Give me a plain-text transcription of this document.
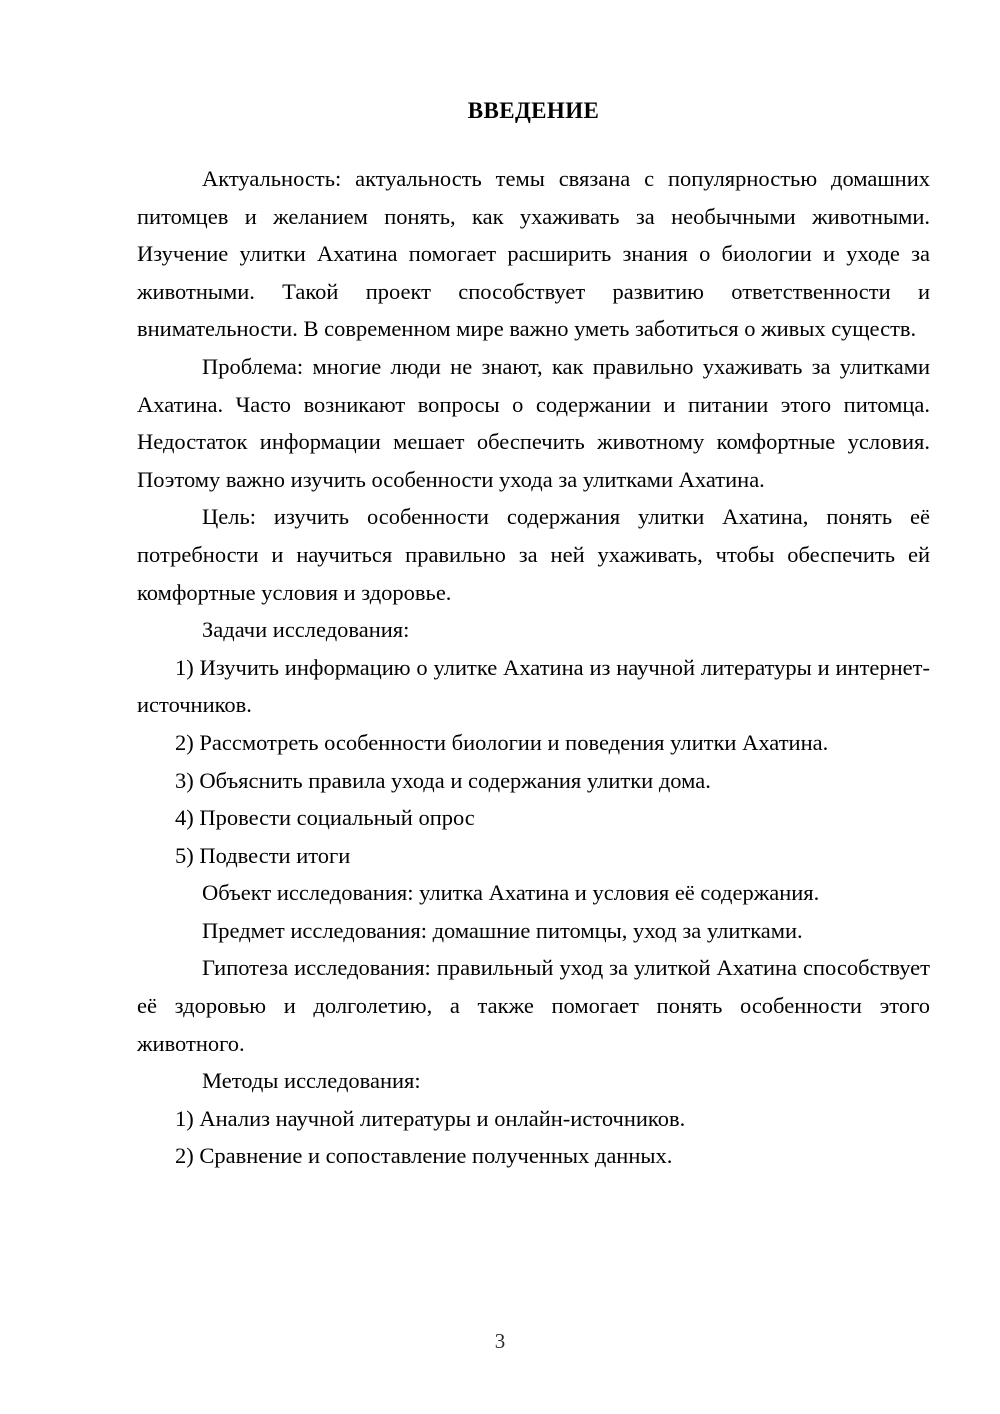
ВВЕДЕНИЕ

Актуальность: актуальность темы связана с популярностью домашних питомцев и желанием понять, как ухаживать за необычными животными. Изучение улитки Ахатина помогает расширить знания о биологии и уходе за животными. Такой проект способствует развитию ответственности и внимательности. В современном мире важно уметь заботиться о живых существ.

Проблема: многие люди не знают, как правильно ухаживать за улитками Ахатина. Часто возникают вопросы о содержании и питании этого питомца. Недостаток информации мешает обеспечить животному комфортные условия. Поэтому важно изучить особенности ухода за улитками Ахатина.

Цель: изучить особенности содержания улитки Ахатина, понять её потребности и научиться правильно за ней ухаживать, чтобы обеспечить ей комфортные условия и здоровье.

Задачи исследования:

1) Изучить информацию о улитке Ахатина из научной литературы и интернет-источников.

2) Рассмотреть особенности биологии и поведения улитки Ахатина.

3) Объяснить правила ухода и содержания улитки дома.

4) Провести социальный опрос

5) Подвести итоги

Объект исследования: улитка Ахатина и условия её содержания.

Предмет исследования: домашние питомцы, уход за улитками.

Гипотеза исследования: правильный уход за улиткой Ахатина способствует её здоровью и долголетию, а также помогает понять особенности этого животного.

Методы исследования:

1) Анализ научной литературы и онлайн-источников.

2) Сравнение и сопоставление полученных данных.

3
